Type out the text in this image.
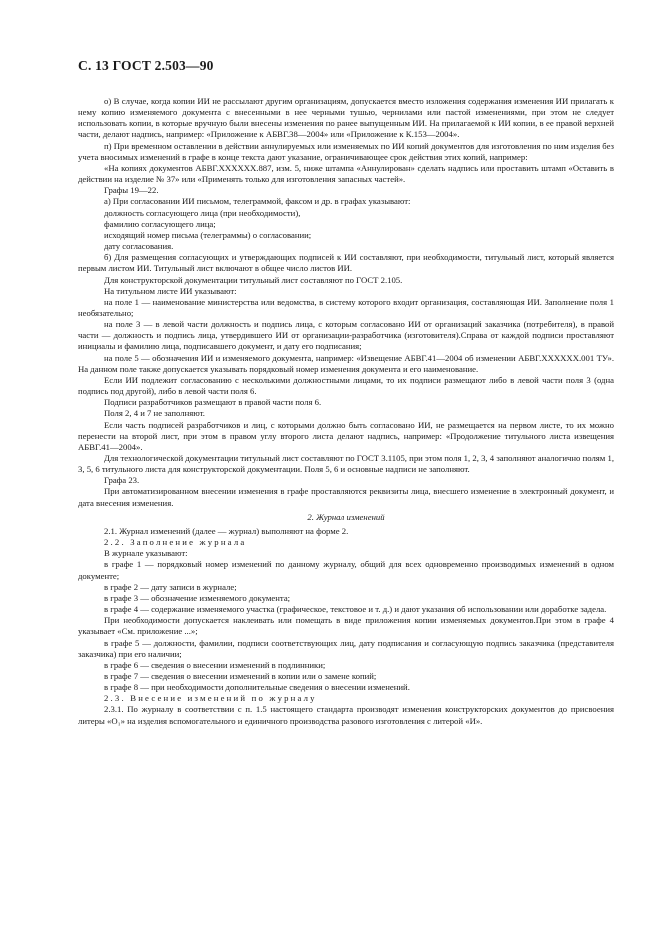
С. 13 ГОСТ 2.503—90

о) В случае, когда копии ИИ не рассылают другим организациям, допускается вместо изложения содержания изменения ИИ прилагать к нему копию изменяемого документа с внесенными в нее черными тушью, чернилами или пастой изменениями, при этом не следует использовать копии, в которые вручную были внесены изменения по ранее выпущенным ИИ. На прилагаемой к ИИ копии, в ее правой верхней части, делают надпись, например: «Приложение к АБВГ.38—2004» или «Приложение к К.153—2004».

п) При временном оставлении в действии аннулируемых или изменяемых по ИИ копий документов для изготовления по ним изделия без учета вносимых изменений в графе в конце текста дают указание, ограничивающее срок действия этих копий, например:

«На копиях документов АБВГ.XXXXXX.887, изм. 5, ниже штампа «Аннулирован» сделать надпись или проставить штамп «Оставить в действии на изделие № 37» или «Применять только для изготовления запасных частей».

Графы 19—22.

а) При согласовании ИИ письмом, телеграммой, факсом и др. в графах указывают:

должность согласующего лица (при необходимости),

фамилию согласующего лица;

исходящий номер письма (телеграммы) о согласовании;

дату согласования.

б) Для размещения согласующих и утверждающих подписей к ИИ составляют, при необходимости, титульный лист, который является первым листом ИИ. Титульный лист включают в общее число листов ИИ.

Для конструкторской документации титульный лист составляют по ГОСТ 2.105.

На титульном листе ИИ указывают:

на поле 1 — наименование министерства или ведомства, в систему которого входит организация, составляющая ИИ. Заполнение поля 1 необязательно;

на поле 3 — в левой части должность и подпись лица, с которым согласовано ИИ от организаций заказчика (потребителя), в правой части — должность и подпись лица, утвердившего ИИ от организации-разработчика (изготовителя).Справа от каждой подписи проставляют инициалы и фамилию лица, подписавшего документ, и дату его подписания;

на поле 5 — обозначения ИИ и изменяемого документа, например: «Извещение АБВГ.41—2004 об изменении АБВГ.XXXXXX.001 ТУ». На данном поле также допускается указывать порядковый номер изменения документа и его наименование.

Если ИИ подлежит согласованию с несколькими должностными лицами, то их подписи размещают либо в левой части поля 3 (одна подпись под другой), либо в левой части поля 6.

Подписи разработчиков размещают в правой части поля 6.

Поля 2, 4 и 7 не заполняют.

Если часть подписей разработчиков и лиц, с которыми должно быть согласовано ИИ, не размещается на первом листе, то их можно перенести на второй лист, при этом в правом углу второго листа делают надпись, например: «Продолжение титульного листа извещения АБВГ.41—2004».

Для технологической документации титульный лист составляют по ГОСТ 3.1105, при этом поля 1, 2, 3, 4 заполняют аналогично полям 1, 3, 5, 6 титульного листа для конструкторской документации. Поля 5, 6 и основные надписи не заполняют.

Графа 23.

При автоматизированном внесении изменения в графе проставляются реквизиты лица, внесшего изменение в электронный документ, и дата внесения изменения.

2. Журнал изменений

2.1. Журнал изменений (далее — журнал) выполняют на форме 2.

2.2. Заполнение журнала

В журнале указывают:

в графе 1 — порядковый номер изменений по данному журналу, общий для всех одновременно производимых изменений в одном документе;

в графе 2 — дату записи в журнале;

в графе 3 — обозначение изменяемого документа;

в графе 4 — содержание изменяемого участка (графическое, текстовое и т. д.) и дают указания об использовании или доработке задела.

При необходимости допускается наклеивать или помещать в виде приложения копии изменяемых документов.При этом в графе 4 указывает «См. приложение ...»;

в графе 5 — должности, фамилии, подписи соответствующих лиц, дату подписания и согласующую подпись заказчика (представителя заказчика) при его наличии;

в графе 6 — сведения о внесении изменений в подлинники;

в графе 7 — сведения о внесении изменений в копии или о замене копий;

в графе 8 — при необходимости дополнительные сведения о внесении изменений.

2.3. Внесение изменений по журналу

2.3.1. По журналу в соответствии с п. 1.5 настоящего стандарта производят изменения конструкторских документов до присвоения литеры «О₁» на изделия вспомогательного и единичного производства разового изготовления с литерой «И».
